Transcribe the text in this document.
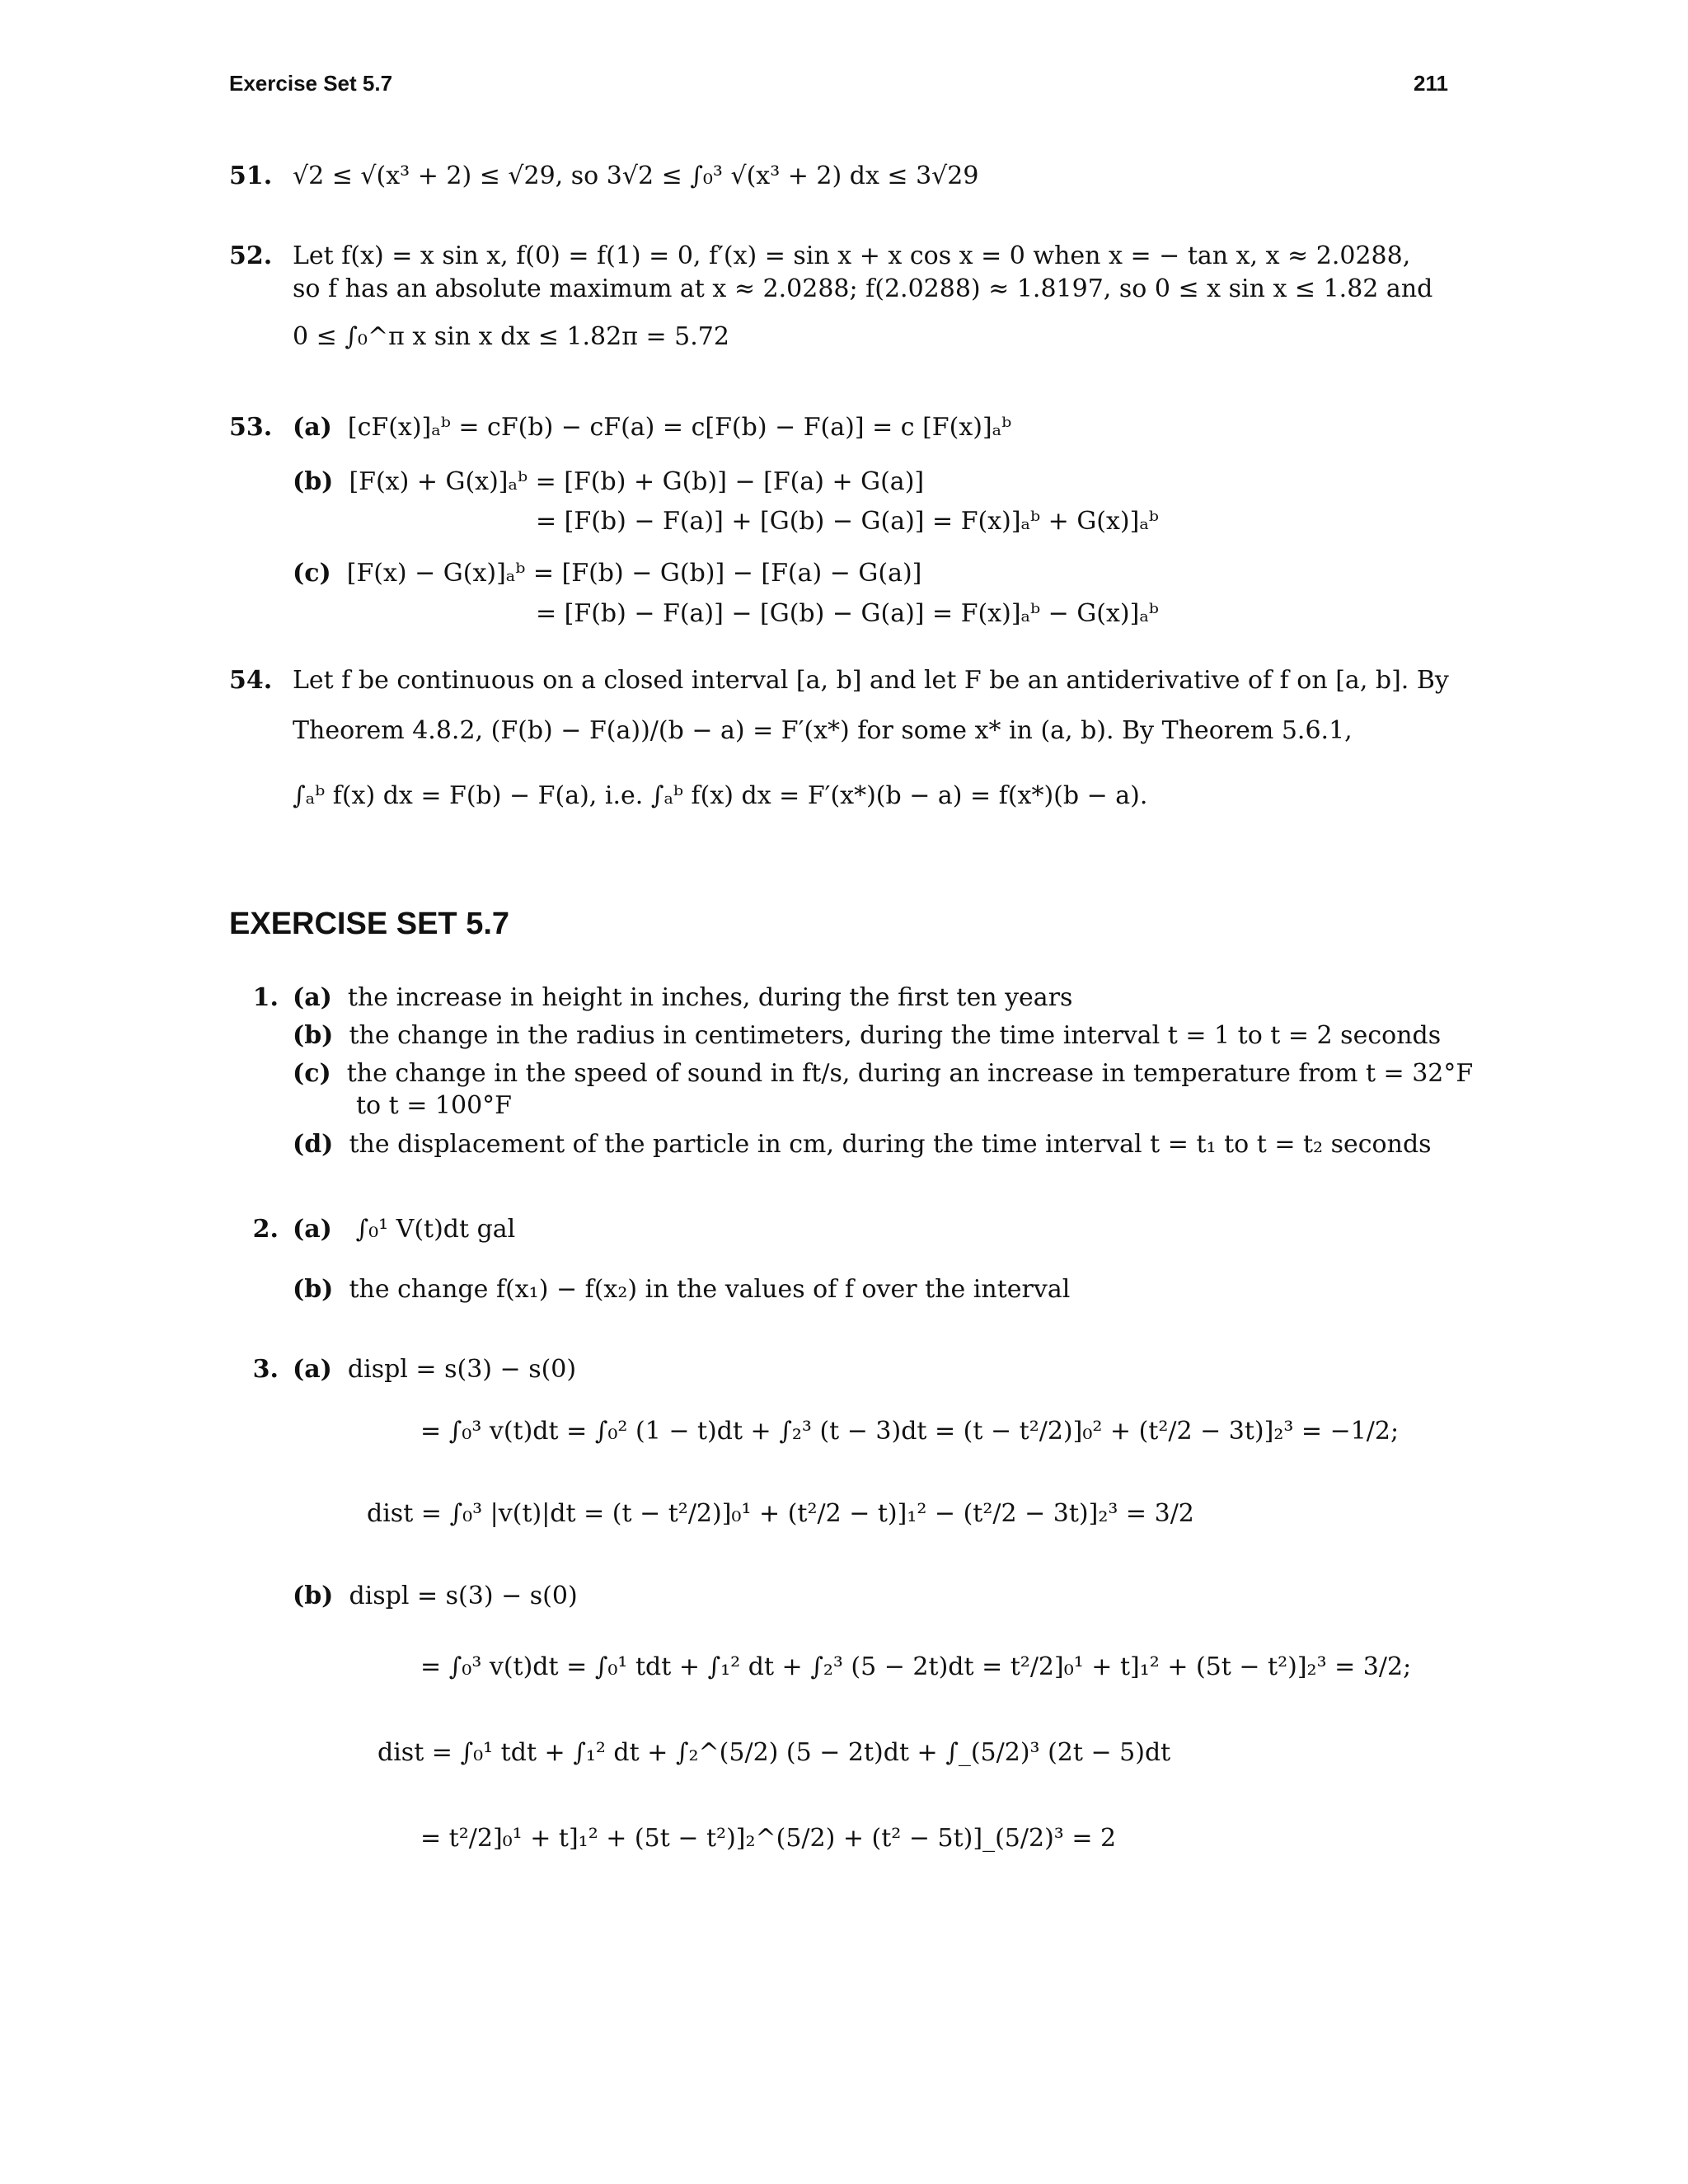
Exercise Set 5.7	211
51. √2 ≤ √(x³ + 2) ≤ √29, so 3√2 ≤ ∫₀³ √(x³ + 2) dx ≤ 3√29
52. Let f(x) = x sin x, f(0) = f(1) = 0, f′(x) = sin x + x cos x = 0 when x = − tan x, x ≈ 2.0288,
so f has an absolute maximum at x ≈ 2.0288; f(2.0288) ≈ 1.8197, so 0 ≤ x sin x ≤ 1.82 and
0 ≤ ∫₀^π x sin x dx ≤ 1.82π = 5.72
53. (a) [cF(x)]ₐᵇ = cF(b) − cF(a) = c[F(b) − F(a)] = c [F(x)]ₐᵇ
(b) [F(x) + G(x)]ₐᵇ = [F(b) + G(b)] − [F(a) + G(a)]
= [F(b) − F(a)] + [G(b) − G(a)] = F(x)]ₐᵇ + G(x)]ₐᵇ
(c) [F(x) − G(x)]ₐᵇ = [F(b) − G(b)] − [F(a) − G(a)]
= [F(b) − F(a)] − [G(b) − G(a)] = F(x)]ₐᵇ − G(x)]ₐᵇ
54. Let f be continuous on a closed interval [a, b] and let F be an antiderivative of f on [a, b]. By
Theorem 4.8.2, (F(b) − F(a))/(b − a) = F′(x*) for some x* in (a, b). By Theorem 5.6.1,
∫ₐᵇ f(x) dx = F(b) − F(a), i.e. ∫ₐᵇ f(x) dx = F′(x*)(b − a) = f(x*)(b − a).
EXERCISE SET 5.7
1. (a) the increase in height in inches, during the first ten years
(b) the change in the radius in centimeters, during the time interval t = 1 to t = 2 seconds
(c) the change in the speed of sound in ft/s, during an increase in temperature from t = 32°F
to t = 100°F
(d) the displacement of the particle in cm, during the time interval t = t₁ to t = t₂ seconds
2. (a) ∫₀¹ V(t)dt gal
(b) the change f(x₁) − f(x₂) in the values of f over the interval
3. (a) displ = s(3) − s(0)
= ∫₀³ v(t)dt = ∫₀² (1 − t)dt + ∫₂³ (t − 3)dt = (t − t²/2)]₀² + (t²/2 − 3t)]₂³ = −1/2;
dist = ∫₀³ |v(t)|dt = (t − t²/2)]₀¹ + (t²/2 − t)]₁² − (t²/2 − 3t)]₂³ = 3/2
(b) displ = s(3) − s(0)
= ∫₀³ v(t)dt = ∫₀¹ tdt + ∫₁² dt + ∫₂³ (5 − 2t)dt = t²/2]₀¹ + t]₁² + (5t − t²)]₂³ = 3/2;
dist = ∫₀¹ tdt + ∫₁² dt + ∫₂^(5/2) (5 − 2t)dt + ∫_(5/2)³ (2t − 5)dt
= t²/2]₀¹ + t]₁² + (5t − t²)]₂^(5/2) + (t² − 5t)]_(5/2)³ = 2
